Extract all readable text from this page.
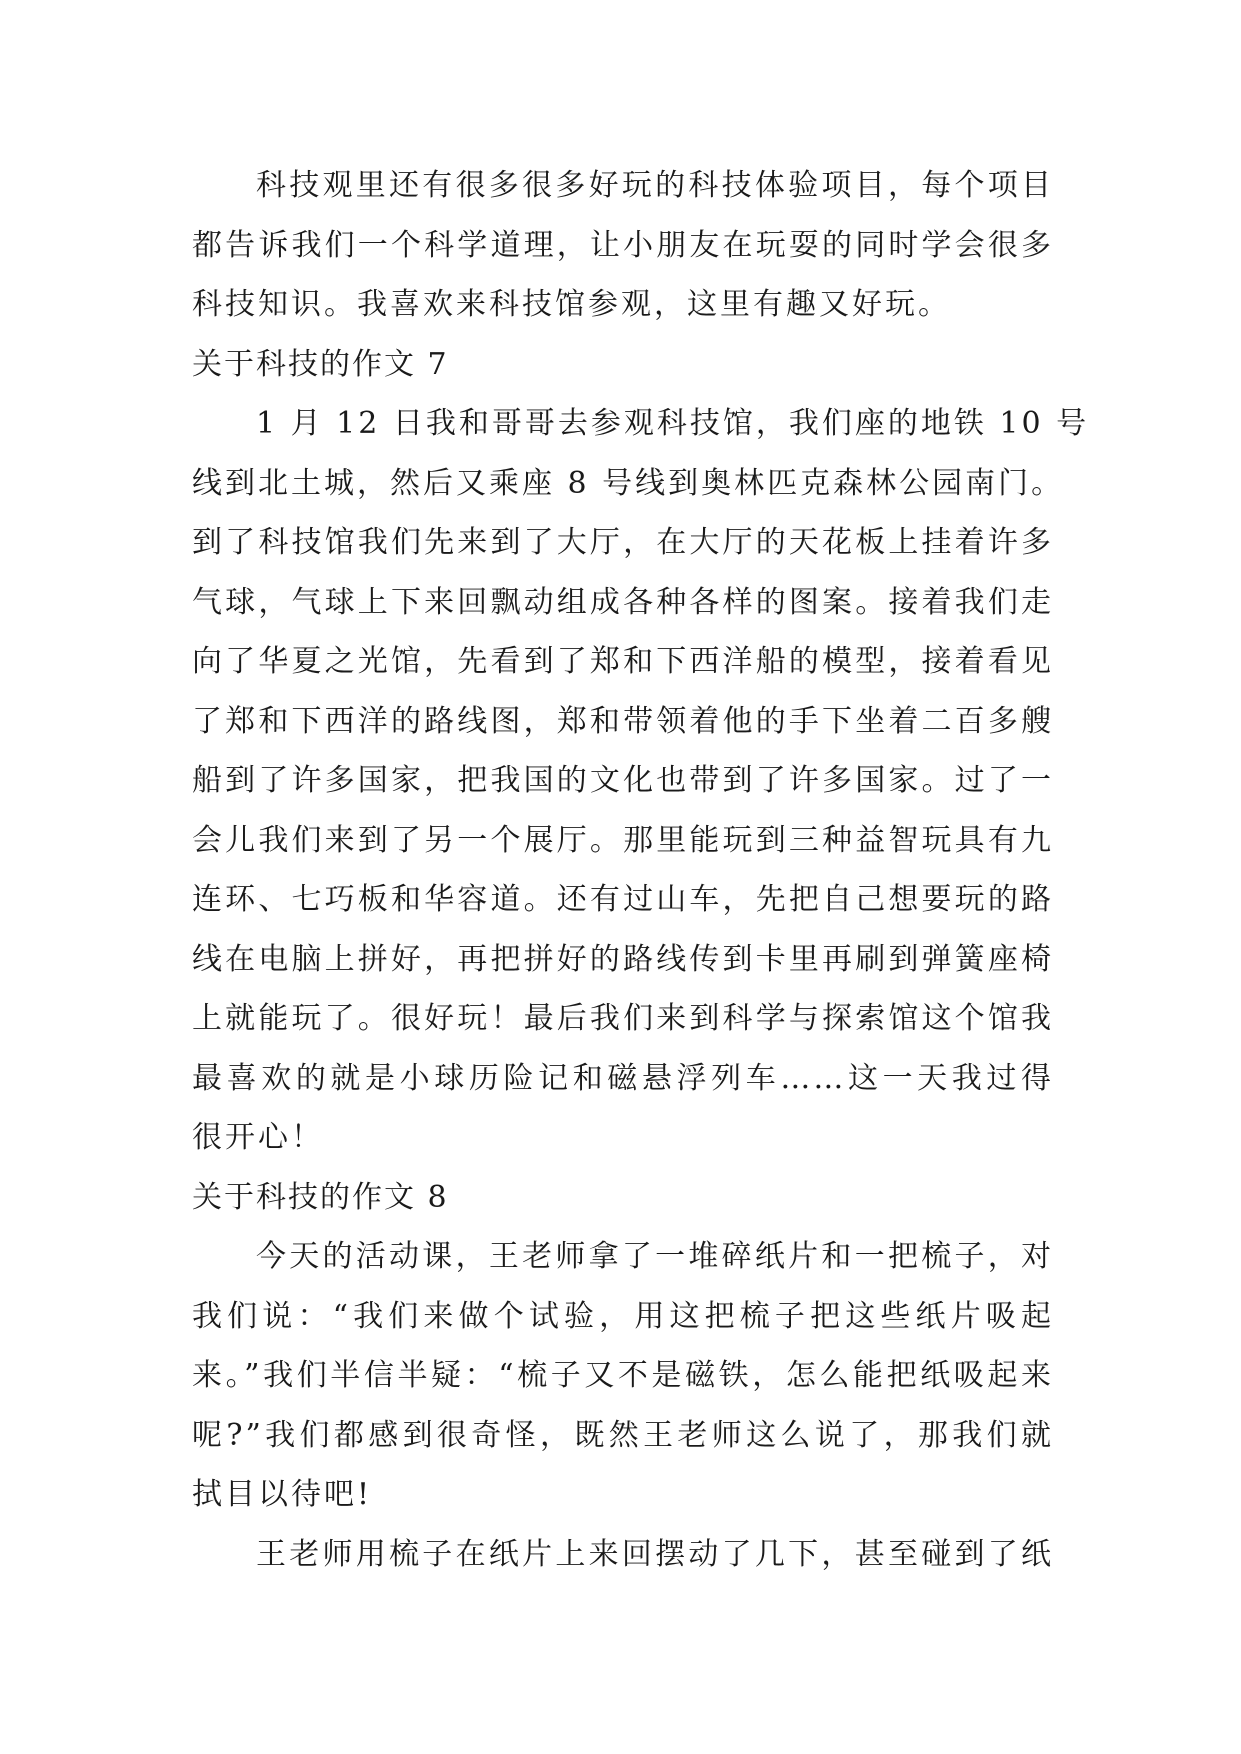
科技观里还有很多很多好玩的科技体验项目，每个项目
都告诉我们一个科学道理，让小朋友在玩耍的同时学会很多
科技知识。我喜欢来科技馆参观，这里有趣又好玩。
关于科技的作文 7
1 月 12 日我和哥哥去参观科技馆，我们座的地铁 10 号
线到北土城，然后又乘座 8 号线到奥林匹克森林公园南门。
到了科技馆我们先来到了大厅，在大厅的天花板上挂着许多
气球，气球上下来回飘动组成各种各样的图案。接着我们走
向了华夏之光馆，先看到了郑和下西洋船的模型，接着看见
了郑和下西洋的路线图，郑和带领着他的手下坐着二百多艘
船到了许多国家，把我国的文化也带到了许多国家。过了一
会儿我们来到了另一个展厅。那里能玩到三种益智玩具有九
连环、七巧板和华容道。还有过山车，先把自己想要玩的路
线在电脑上拼好，再把拼好的路线传到卡里再刷到弹簧座椅
上就能玩了。很好玩！最后我们来到科学与探索馆这个馆我
最喜欢的就是小球历险记和磁悬浮列车……这一天我过得
很开心！
关于科技的作文 8
今天的活动课，王老师拿了一堆碎纸片和一把梳子，对
我们说：“我们来做个试验，用这把梳子把这些纸片吸起
来。”我们半信半疑：“梳子又不是磁铁，怎么能把纸吸起来
呢?”我们都感到很奇怪，既然王老师这么说了，那我们就
拭目以待吧!
王老师用梳子在纸片上来回摆动了几下，甚至碰到了纸
